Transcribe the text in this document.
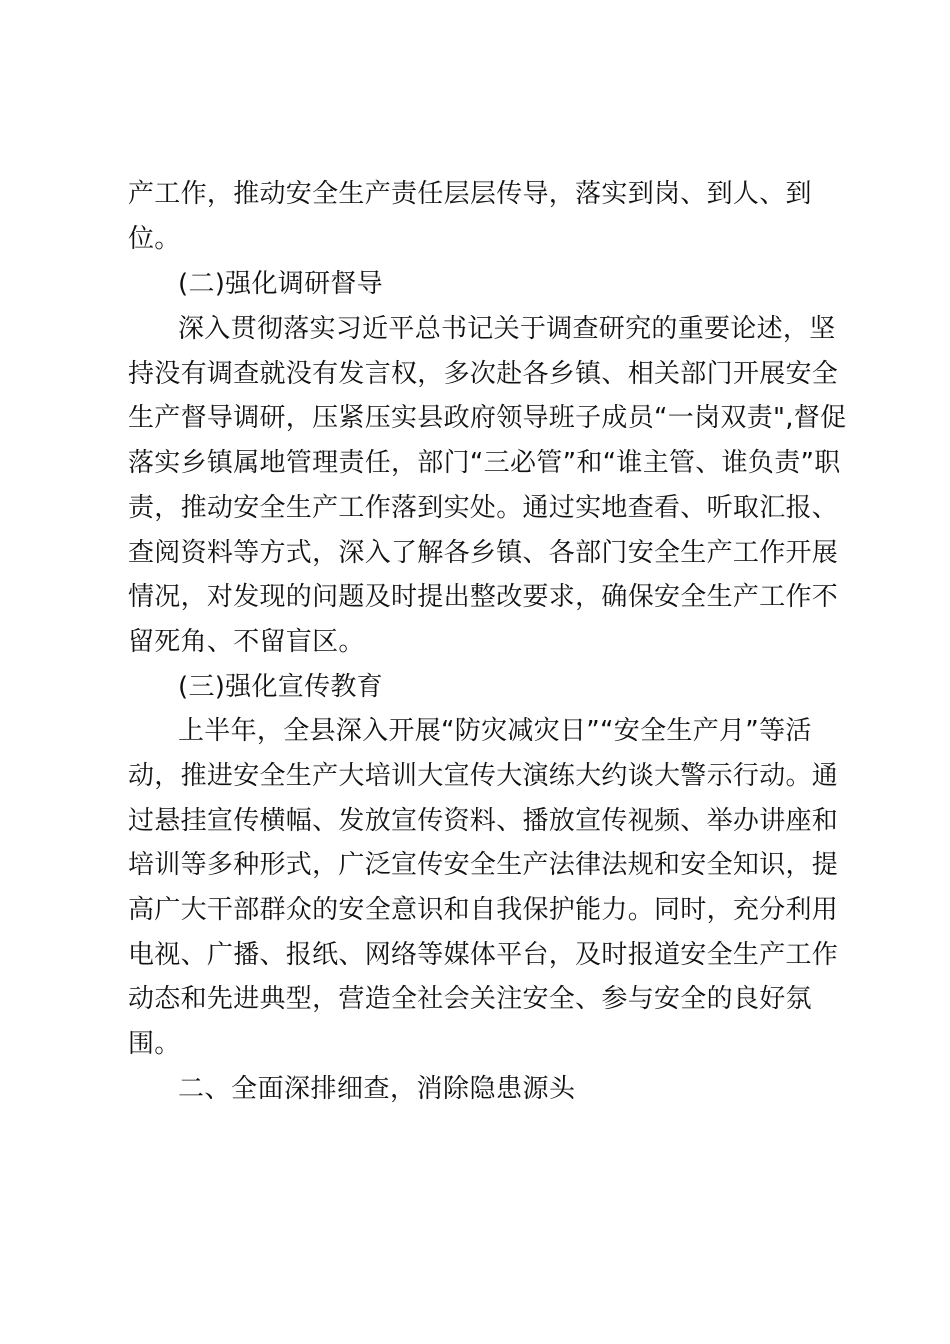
产工作，推动安全生产责任层层传导，落实到岗、到人、到
位。
(二)强化调研督导
深入贯彻落实习近平总书记关于调查研究的重要论述，坚
持没有调查就没有发言权，多次赴各乡镇、相关部门开展安全
生产督导调研，压紧压实县政府领导班子成员“一岗双责",督促
落实乡镇属地管理责任，部门“三必管”和“谁主管、谁负责”职
责，推动安全生产工作落到实处。通过实地查看、听取汇报、
查阅资料等方式，深入了解各乡镇、各部门安全生产工作开展
情况，对发现的问题及时提出整改要求，确保安全生产工作不
留死角、不留盲区。
(三)强化宣传教育
上半年，全县深入开展“防灾减灾日”“安全生产月”等活
动，推进安全生产大培训大宣传大演练大约谈大警示行动。通
过悬挂宣传横幅、发放宣传资料、播放宣传视频、举办讲座和
培训等多种形式，广泛宣传安全生产法律法规和安全知识，提
高广大干部群众的安全意识和自我保护能力。同时，充分利用
电视、广播、报纸、网络等媒体平台，及时报道安全生产工作
动态和先进典型，营造全社会关注安全、参与安全的良好氛
围。
二、全面深排细查，消除隐患源头
